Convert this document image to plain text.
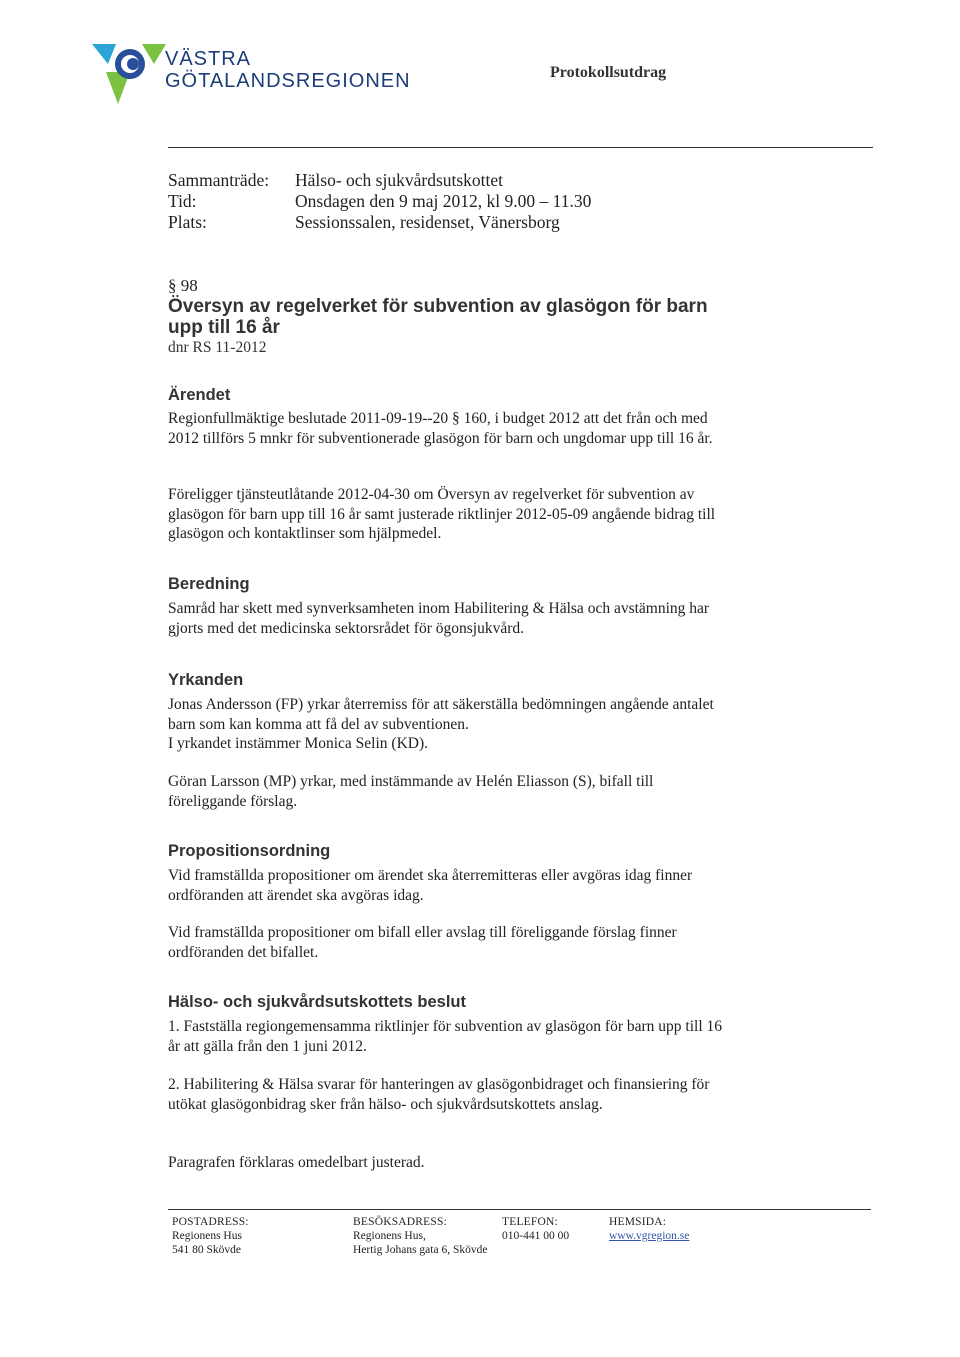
VÄSTRA
GÖTALANDSREGIONEN	Protokollsutdrag
Sammanträde:	Hälso- och sjukvårdsutskottet
Tid:	Onsdagen den 9 maj 2012, kl 9.00 – 11.30
Plats:	Sessionssalen, residenset, Vänersborg
§ 98
Översyn av regelverket för subvention av glasögon för barn upp till 16 år
dnr RS 11-2012
Ärendet
Regionfullmäktige beslutade 2011-09-19--20 § 160, i budget 2012 att det från och med 2012 tillförs 5 mnkr för subventionerade glasögon för barn och ungdomar upp till 16 år.
Föreligger tjänsteutlåtande 2012-04-30 om Översyn av regelverket för subvention av glasögon för barn upp till 16 år samt justerade riktlinjer 2012-05-09 angående bidrag till glasögon och kontaktlinser som hjälpmedel.
Beredning
Samråd har skett med synverksamheten inom Habilitering & Hälsa och avstämning har gjorts med det medicinska sektorsrådet för ögonsjukvård.
Yrkanden
Jonas Andersson (FP) yrkar återremiss för att säkerställa bedömningen angående antalet barn som kan komma att få del av subventionen.
I yrkandet instämmer Monica Selin (KD).
Göran Larsson (MP) yrkar, med instämmande av Helén Eliasson (S), bifall till föreliggande förslag.
Propositionsordning
Vid framställda propositioner om ärendet ska återremitteras eller avgöras idag finner ordföranden att ärendet ska avgöras idag.
Vid framställda propositioner om bifall eller avslag till föreliggande förslag finner ordföranden det bifallet.
Hälso- och sjukvårdsutskottets beslut
1. Fastställa regiongemensamma riktlinjer för subvention av glasögon för barn upp till 16 år att gälla från den 1 juni 2012.
2. Habilitering & Hälsa svarar för hanteringen av glasögonbidraget och finansiering för utökat glasögonbidrag sker från hälso- och sjukvårdsutskottets anslag.
Paragrafen förklaras omedelbart justerad.
POSTADRESS:
Regionens Hus
541 80 Skövde
BESÖKSADRESS:
Regionens Hus,
Hertig Johans gata 6, Skövde
TELEFON:
010-441 00 00
HEMSIDA:
www.vgregion.se
